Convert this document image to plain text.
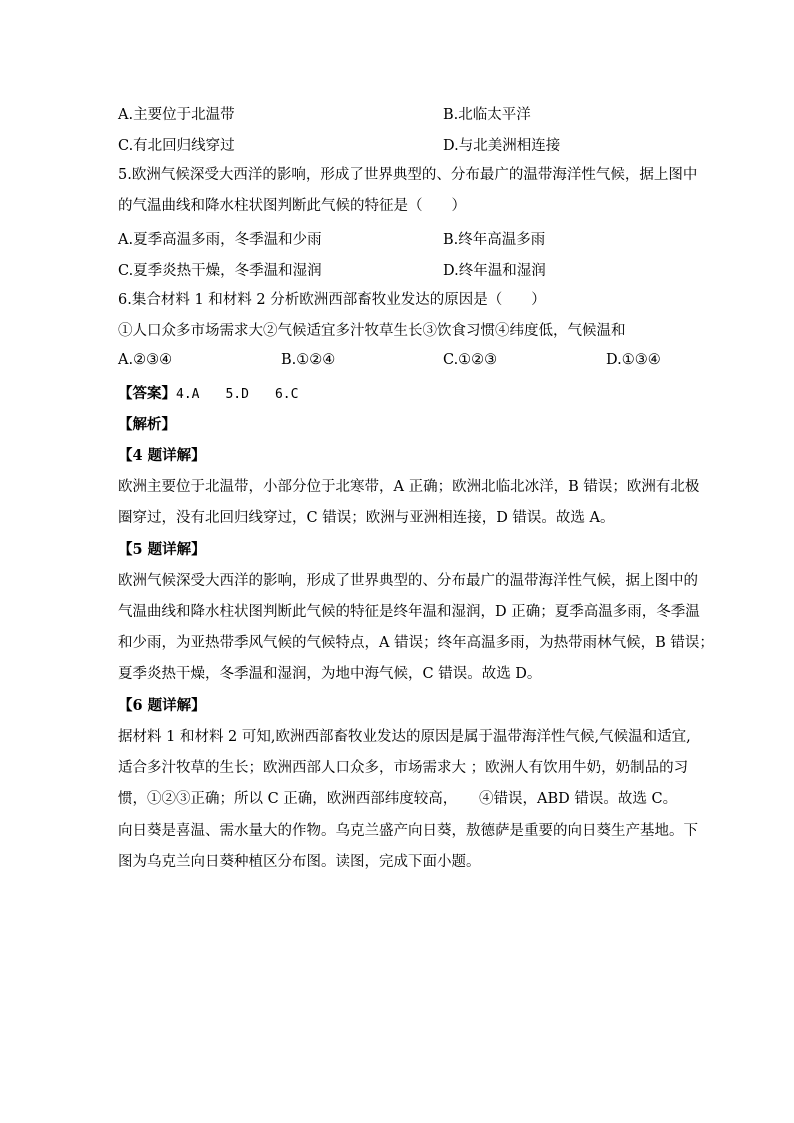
A.主要位于北温带	B.北临太平洋
C.有北回归线穿过	D.与北美洲相连接
5.欧洲气候深受大西洋的影响，形成了世界典型的、分布最广的温带海洋性气候，据上图中
的气温曲线和降水柱状图判断此气候的特征是（　　）
A.夏季高温多雨，冬季温和少雨	B.终年高温多雨
C.夏季炎热干燥，冬季温和湿润	D.终年温和湿润
6.集合材料 1 和材料 2 分析欧洲西部畜牧业发达的原因是（　　）
①人口众多市场需求大②气候适宜多汁牧草生长③饮食习惯④纬度低，气候温和
A.②③④	B.①②④	C.①②③	D.①③④
【答案】4.A　　5.D　　6.C
【解析】
【4 题详解】
欧洲主要位于北温带，小部分位于北寒带，A 正确；欧洲北临北冰洋，B 错误；欧洲有北极
圈穿过，没有北回归线穿过，C 错误；欧洲与亚洲相连接，D 错误。故选 A。
【5 题详解】
欧洲气候深受大西洋的影响，形成了世界典型的、分布最广的温带海洋性气候，据上图中的
气温曲线和降水柱状图判断此气候的特征是终年温和湿润，D 正确；夏季高温多雨，冬季温
和少雨，为亚热带季风气候的气候特点，A 错误；终年高温多雨，为热带雨林气候，B 错误；
夏季炎热干燥，冬季温和湿润，为地中海气候，C 错误。故选 D。
【6 题详解】
据材料 1 和材料 2 可知,欧洲西部畜牧业发达的原因是属于温带海洋性气候,气候温和适宜,
适合多汁牧草的生长；欧洲西部人口众多，市场需求大 ；欧洲人有饮用牛奶，奶制品的习
惯，①②③正确；所以 C 正确，欧洲西部纬度较高，　　④错误，ABD 错误。故选 C。
向日葵是喜温、需水量大的作物。乌克兰盛产向日葵，敖德萨是重要的向日葵生产基地。下
图为乌克兰向日葵种植区分布图。读图，完成下面小题。
